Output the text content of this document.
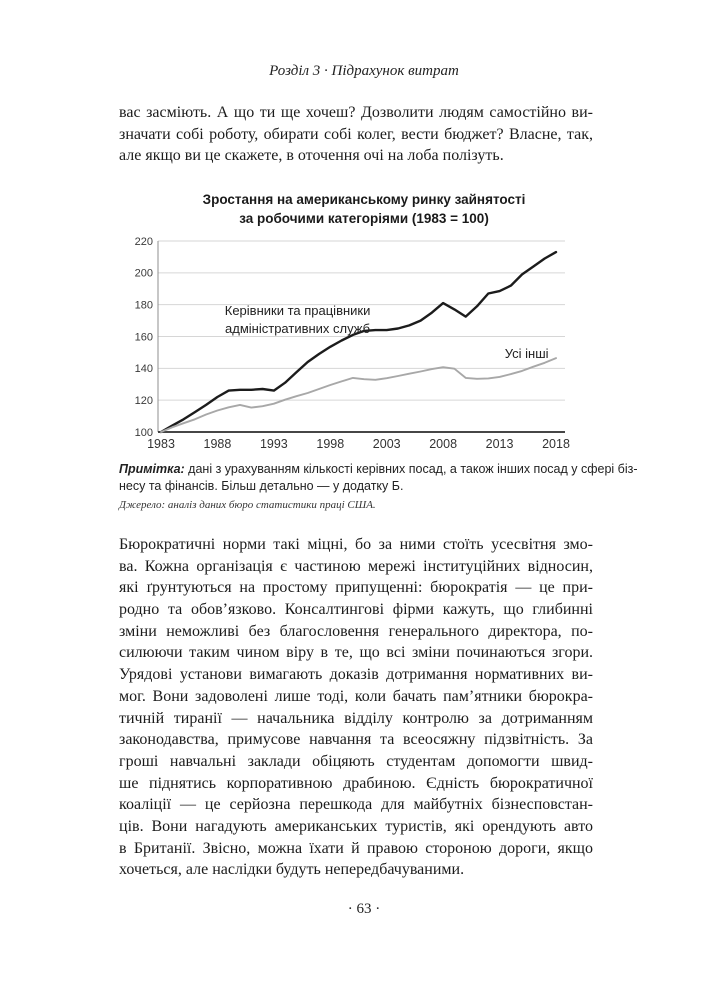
Розділ 3 · Підрахунок витрат
вас засміють. А що ти ще хочеш? Дозволити людям самостійно ви-
значати собі роботу, обирати собі колег, вести бюджет? Власне, так,
але якщо ви це скажете, в оточення очі на лоба полізуть.
Зростання на американському ринку зайнятості
за робочими категоріями (1983 = 100)
100
120
140
160
180
200
220
1983 1988 1993 1998 2003 2008 2013 2018
Керівники та працівники адміністративних служб
Усі інші
Примітка: дані з урахуванням кількості керівних посад, а також інших посад у сфері біз-
несу та фінансів. Більш детально — у додатку Б.
Джерело: аналіз даних бюро статистики праці США.
Бюрократичні норми такі міцні, бо за ними стоїть усесвітня змо-
ва. Кожна організація є частиною мережі інституційних відносин,
які ґрунтуються на простому припущенні: бюрократія — це при-
родно та обов’язково. Консалтингові фірми кажуть, що глибинні
зміни неможливі без благословення генерального директора, по-
силюючи таким чином віру в те, що всі зміни починаються згори.
Урядові установи вимагають доказів дотримання нормативних ви-
мог. Вони задоволені лише тоді, коли бачать пам’ятники бюрокра-
тичній тиранії — начальника відділу контролю за дотриманням
законодавства, примусове навчання та всеосяжну підзвітність. За
гроші навчальні заклади обіцяють студентам допомогти швид-
ше піднятись корпоративною драбиною. Єдність бюрократичної
коаліції — це серйозна перешкода для майбутніх бізнесповстан-
ців. Вони нагадують американських туристів, які орендують авто
в Британії. Звісно, можна їхати й правою стороною дороги, якщо
хочеться, але наслідки будуть непередбачуваними.
· 63 ·
